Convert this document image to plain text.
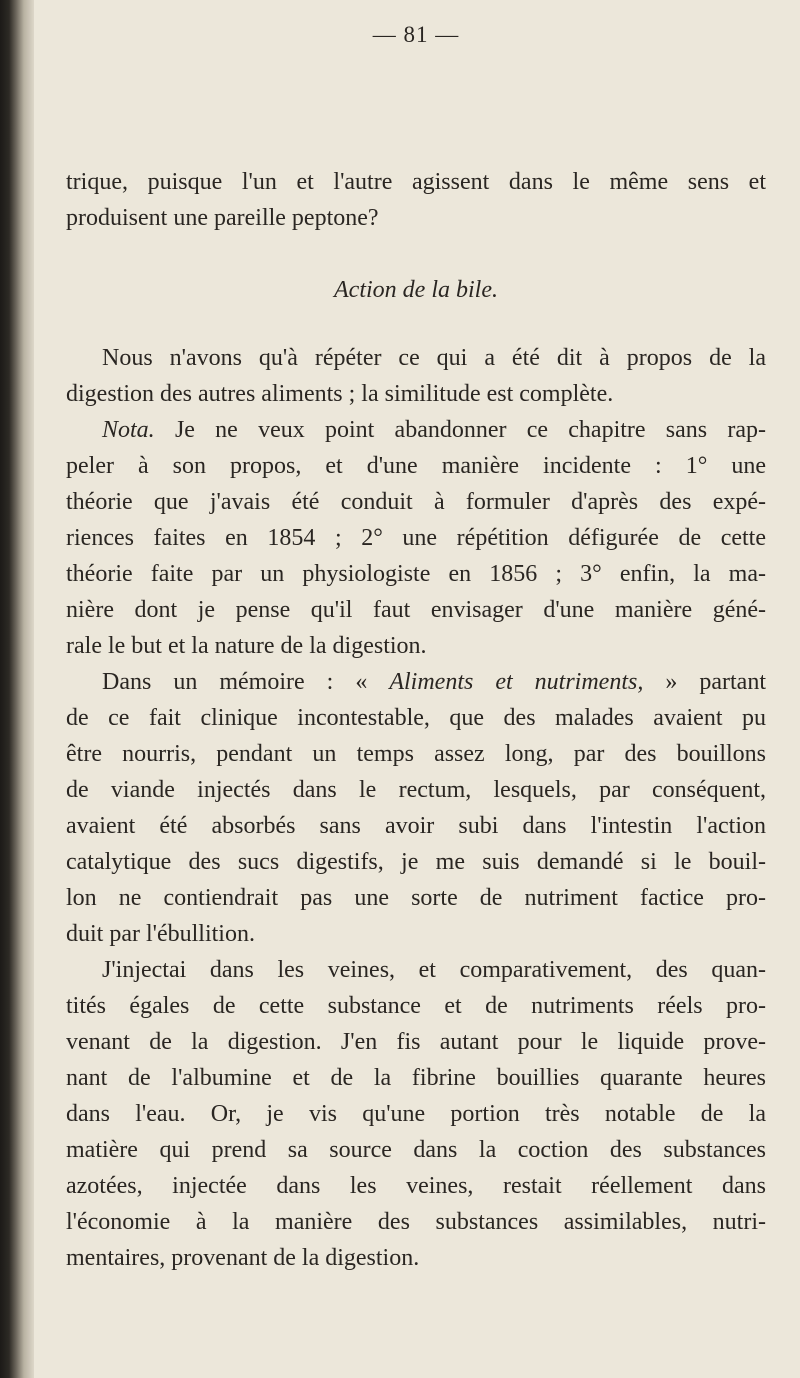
— 81 —

trique, puisque l'un et l'autre agissent dans le même sens et

produisent une pareille peptone?

Action de la bile.

Nous n'avons qu'à répéter ce qui a été dit à propos de la

digestion des autres aliments ; la similitude est complète.

Nota. Je ne veux point abandonner ce chapitre sans rap-

peler à son propos, et d'une manière incidente : 1° une

théorie que j'avais été conduit à formuler d'après des expé-

riences faites en 1854 ; 2° une répétition défigurée de cette

théorie faite par un physiologiste en 1856 ; 3° enfin, la ma-

nière dont je pense qu'il faut envisager d'une manière géné-

rale le but et la nature de la digestion.

Dans un mémoire : « Aliments et nutriments, » partant

de ce fait clinique incontestable, que des malades avaient pu

être nourris, pendant un temps assez long, par des bouillons

de viande injectés dans le rectum, lesquels, par conséquent,

avaient été absorbés sans avoir subi dans l'intestin l'action

catalytique des sucs digestifs, je me suis demandé si le bouil-

lon ne contiendrait pas une sorte de nutriment factice pro-

duit par l'ébullition.

J'injectai dans les veines, et comparativement, des quan-

tités égales de cette substance et de nutriments réels pro-

venant de la digestion. J'en fis autant pour le liquide prove-

nant de l'albumine et de la fibrine bouillies quarante heures

dans l'eau. Or, je vis qu'une portion très notable de la

matière qui prend sa source dans la coction des substances

azotées, injectée dans les veines, restait réellement dans

l'économie à la manière des substances assimilables, nutri-

mentaires, provenant de la digestion.
